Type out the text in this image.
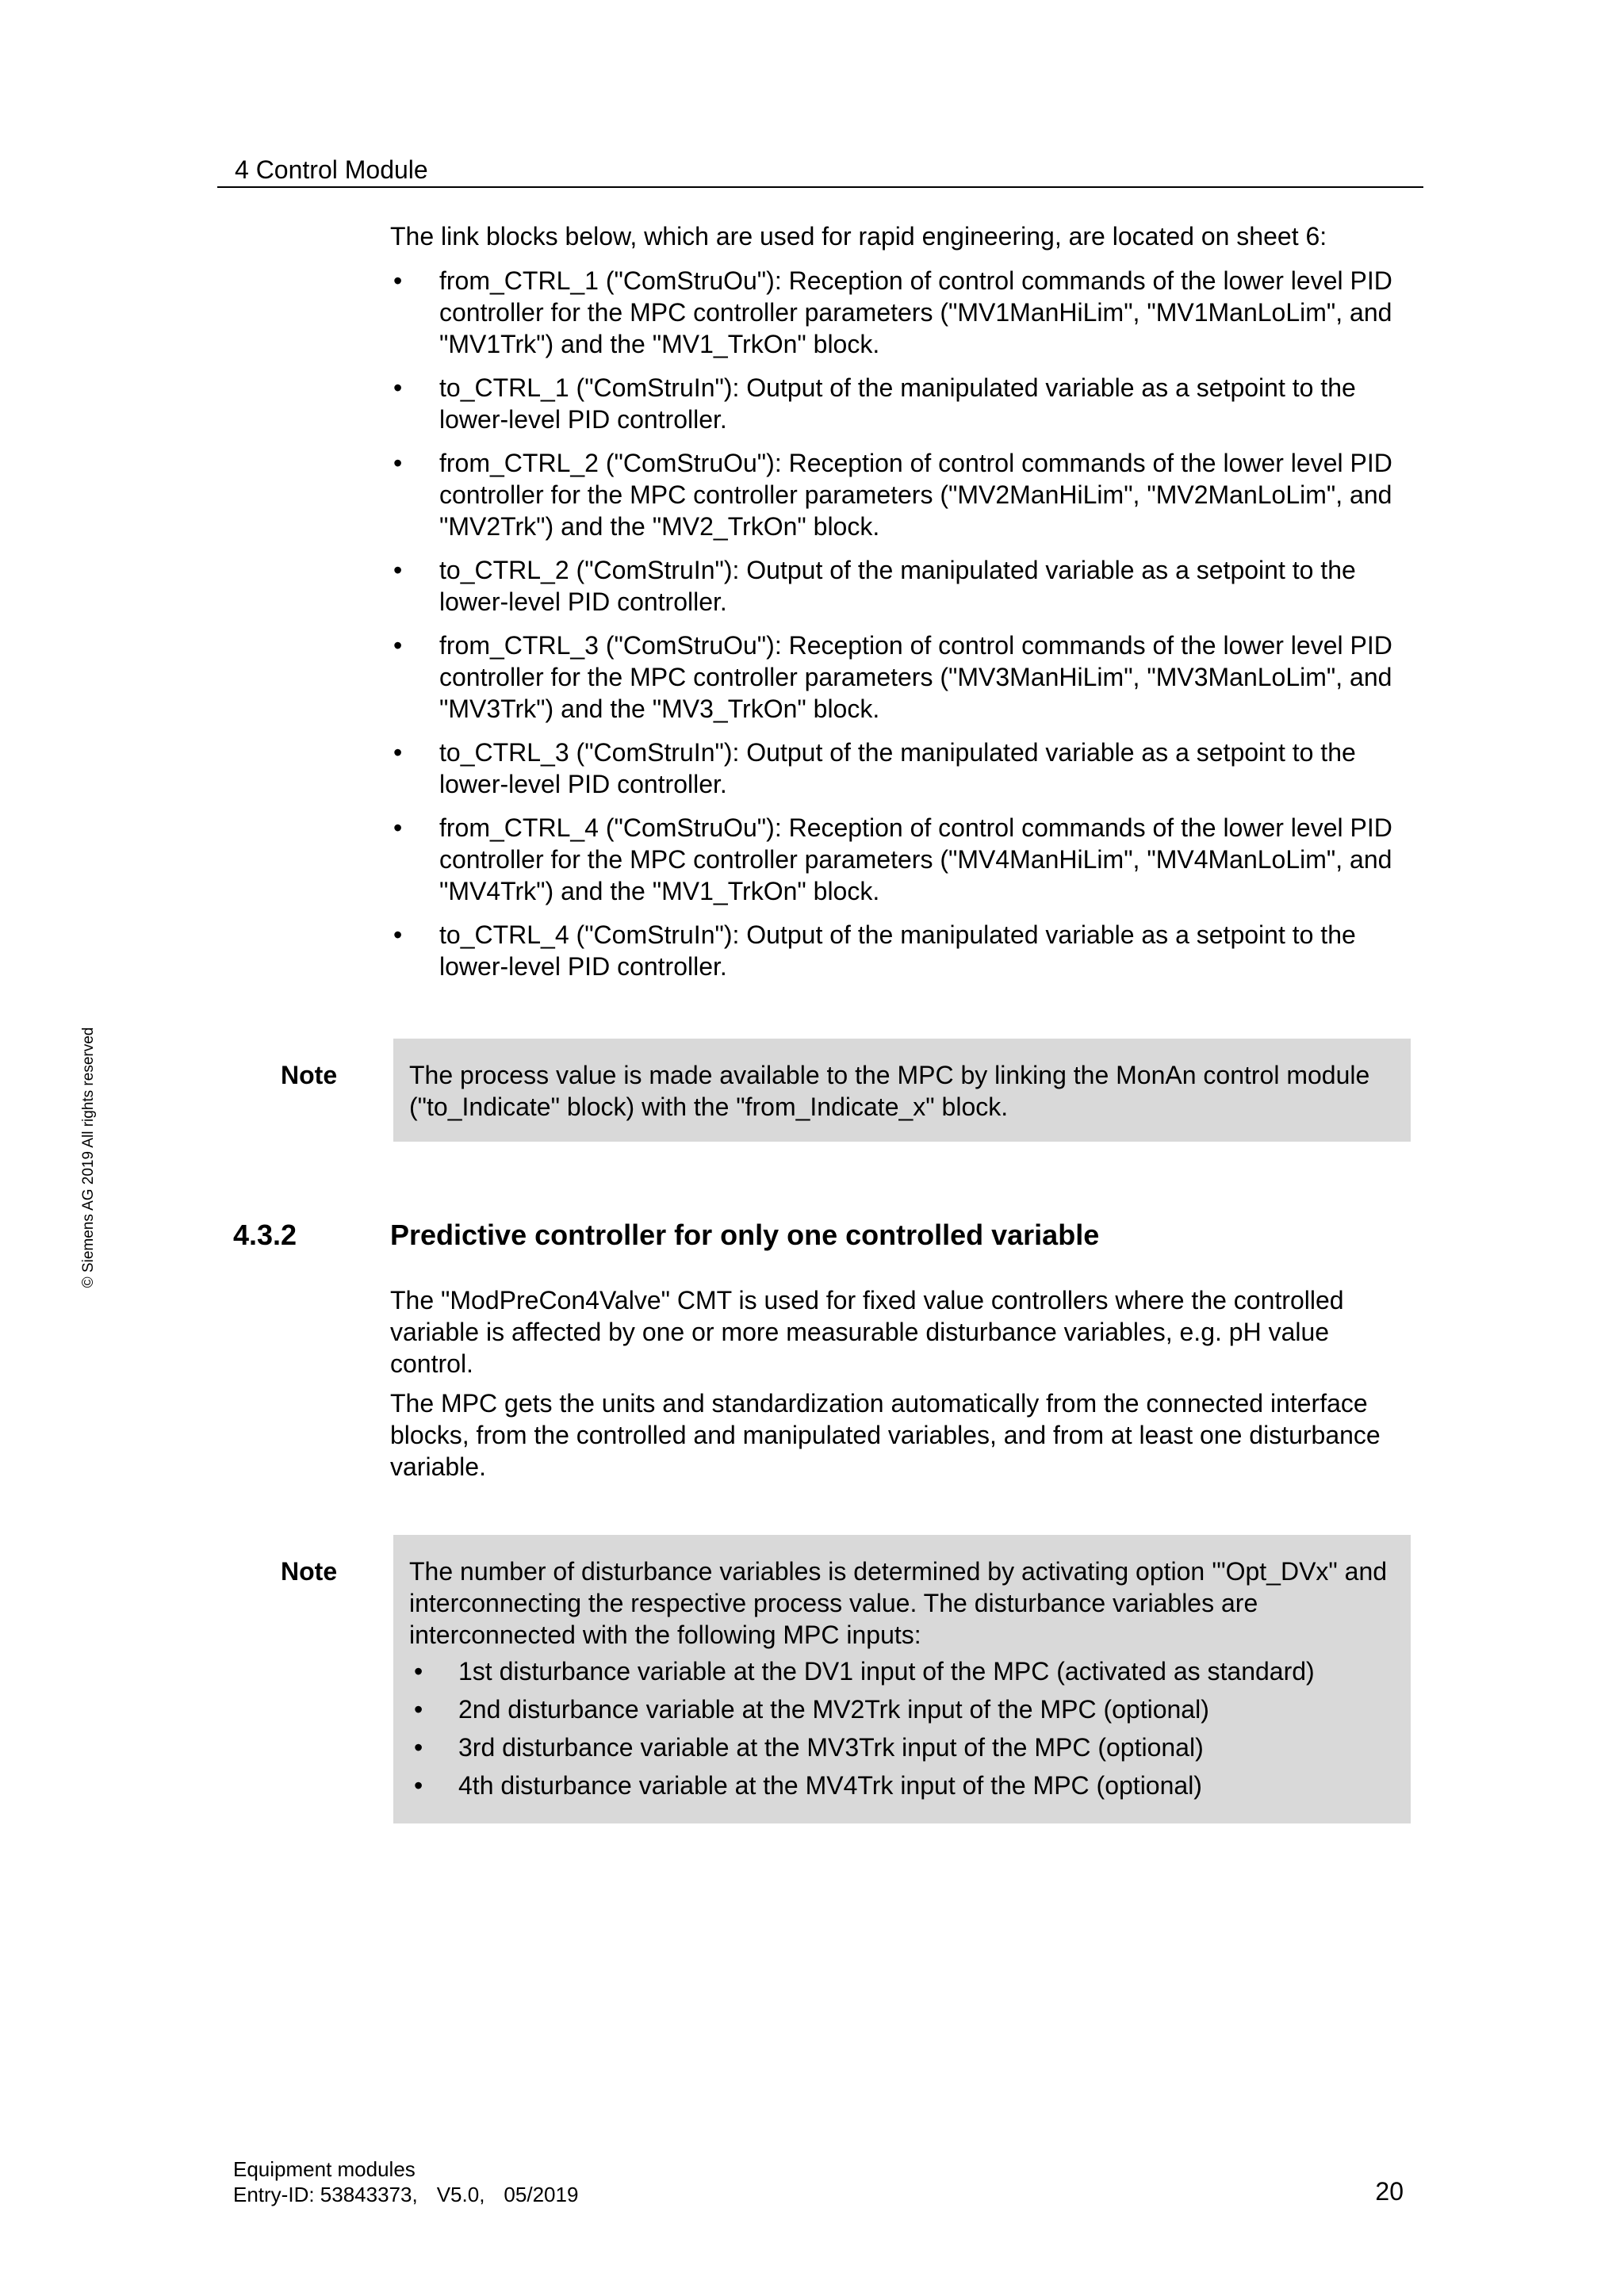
4 Control Module
© Siemens AG 2019 All rights reserved

The link blocks below, which are used for rapid engineering, are located on sheet 6:

• from_CTRL_1 ("ComStruOu"): Reception of control commands of the lower level PID controller for the MPC controller parameters ("MV1ManHiLim", "MV1ManLoLim", and "MV1Trk") and the "MV1_TrkOn" block.
• to_CTRL_1 ("ComStruIn"): Output of the manipulated variable as a setpoint to the lower-level PID controller.
• from_CTRL_2 ("ComStruOu"): Reception of control commands of the lower level PID controller for the MPC controller parameters ("MV2ManHiLim", "MV2ManLoLim", and "MV2Trk") and the "MV2_TrkOn" block.
• to_CTRL_2 ("ComStruIn"): Output of the manipulated variable as a setpoint to the lower-level PID controller.
• from_CTRL_3 ("ComStruOu"): Reception of control commands of the lower level PID controller for the MPC controller parameters ("MV3ManHiLim", "MV3ManLoLim", and "MV3Trk") and the "MV3_TrkOn" block.
• to_CTRL_3 ("ComStruIn"): Output of the manipulated variable as a setpoint to the lower-level PID controller.
• from_CTRL_4 ("ComStruOu"): Reception of control commands of the lower level PID controller for the MPC controller parameters ("MV4ManHiLim", "MV4ManLoLim", and "MV4Trk") and the "MV1_TrkOn" block.
• to_CTRL_4 ("ComStruIn"): Output of the manipulated variable as a setpoint to the lower-level PID controller.
Note	The process value is made available to the MPC by linking the MonAn control module ("to_Indicate" block) with the "from_Indicate_x" block.

4.3.2	Predictive controller for only one controlled variable

The "ModPreCon4Valve" CMT is used for fixed value controllers where the controlled variable is affected by one or more measurable disturbance variables, e.g. pH value control.

The MPC gets the units and standardization automatically from the connected interface blocks, from the controlled and manipulated variables, and from at least one disturbance variable.

Note	The number of disturbance variables is determined by activating option '"Opt_DVx" and interconnecting the respective process value. The disturbance variables are interconnected with the following MPC inputs:

• 1st disturbance variable at the DV1 input of the MPC (activated as standard)
• 2nd disturbance variable at the MV2Trk input of the MPC (optional)
• 3rd disturbance variable at the MV3Trk input of the MPC (optional)
• 4th disturbance variable at the MV4Trk input of the MPC (optional)
Equipment modules
Entry-ID: 53843373, V5.0, 05/2019	20
